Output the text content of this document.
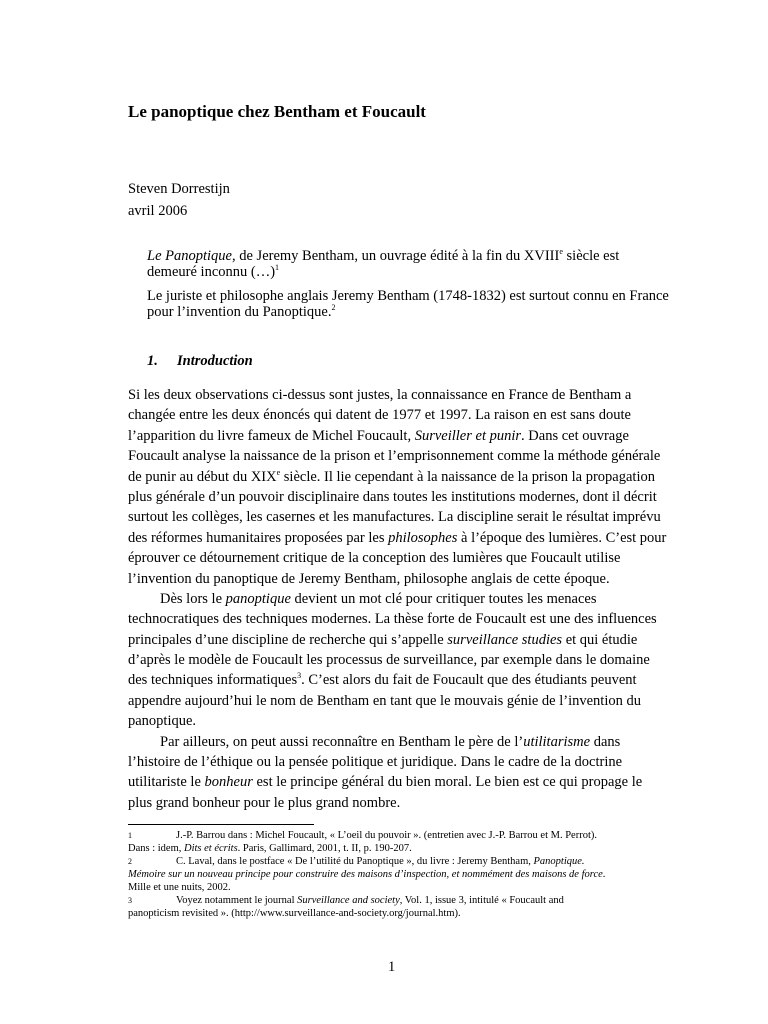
Le panoptique chez Bentham et Foucault
Steven Dorrestijn
avril 2006
Le Panoptique, de Jeremy Bentham, un ouvrage édité à la fin du XVIIIe siècle est
demeuré inconnu (…)$^1$
Le juriste et philosophe anglais Jeremy Bentham (1748-1832) est surtout connu en France
pour l’invention du Panoptique.$^2$
1. Introduction
Si les deux observations ci-dessus sont justes, la connaissance en France de Bentham a
changée entre les deux énoncés qui datent de 1977 et 1997. La raison en est sans doute
l’apparition du livre fameux de Michel Foucault, Surveiller et punir. Dans cet ouvrage
Foucault analyse la naissance de la prison et l’emprisonnement comme la méthode générale
de punir au début du XIXe siècle. Il lie cependant à la naissance de la prison la propagation
plus générale d’un pouvoir disciplinaire dans toutes les institutions modernes, dont il décrit
surtout les collèges, les casernes et les manufactures. La discipline serait le résultat imprévu
des réformes humanitaires proposées par les philosophes à l’époque des lumières. C’est pour
éprouver ce détournement critique de la conception des lumières que Foucault utilise
l’invention du panoptique de Jeremy Bentham, philosophe anglais de cette époque.
Dès lors le panoptique devient un mot clé pour critiquer toutes les menaces
technocratiques des techniques modernes. La thèse forte de Foucault est une des influences
principales d’une discipline de recherche qui s’appelle surveillance studies et qui étudie
d’après le modèle de Foucault les processus de surveillance, par exemple dans le domaine
des techniques informatiques$^3$. C’est alors du fait de Foucault que des étudiants peuvent
appendre aujourd’hui le nom de Bentham en tant que le mouvais génie de l’invention du
panoptique.
Par ailleurs, on peut aussi reconnaître en Bentham le père de l’utilitarisme dans
l’histoire de l’éthique ou la pensée politique et juridique. Dans le cadre de la doctrine
utilitariste le bonheur est le principe général du bien moral. Le bien est ce qui propage le
plus grand bonheur pour le plus grand nombre.
1	J.-P. Barrou dans : Michel Foucault, « L’oeil du pouvoir ». (entretien avec J.-P. Barrou et M. Perrot).
Dans : idem, Dits et écrits. Paris, Gallimard, 2001, t. II, p. 190-207.
2	C. Laval, dans le postface « De l’utilité du Panoptique », du livre : Jeremy Bentham, Panoptique.
Mémoire sur un nouveau principe pour construire des maisons d’inspection, et nommément des maisons de force.
Mille et une nuits, 2002.
3	Voyez notamment le journal Surveillance and society, Vol. 1, issue 3, intitulé « Foucault and
panopticism revisited ». (http://www.surveillance-and-society.org/journal.htm).
1
